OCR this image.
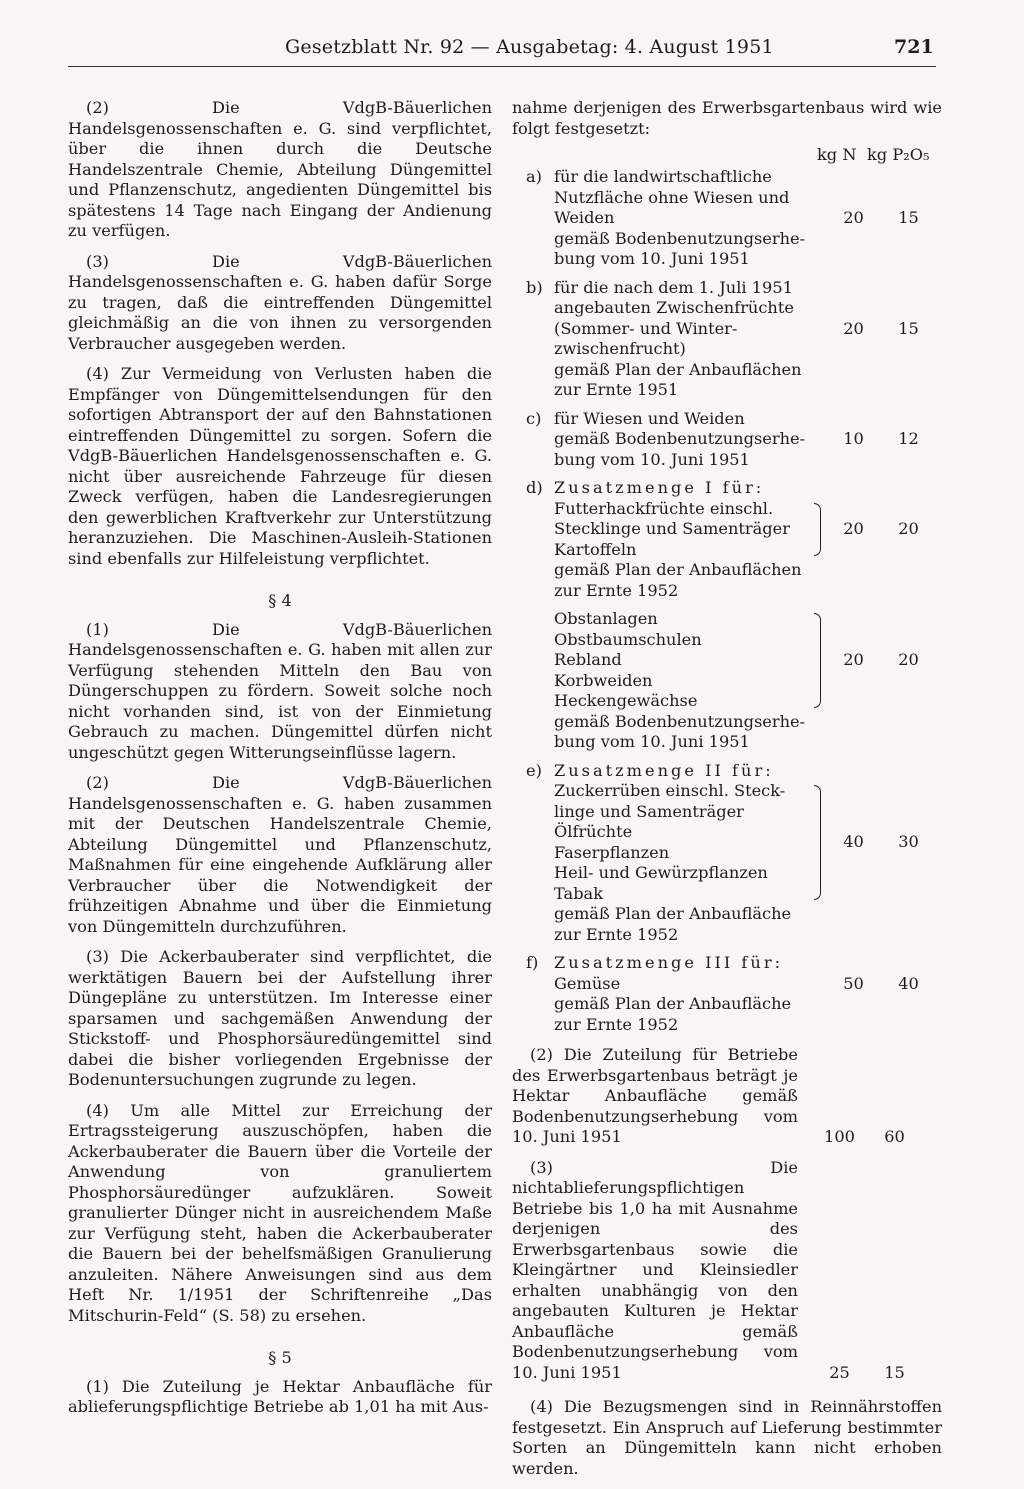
Gesetzblatt Nr. 92 — Ausgabetag: 4. August 1951	721

(2) Die VdgB-Bäuerlichen Handelsgenossenschaften e. G. sind verpflichtet, über die ihnen durch die Deutsche Handelszentrale Chemie, Abteilung Düngemittel und Pflanzenschutz, angedienten Düngemittel bis spätestens 14 Tage nach Eingang der Andienung zu verfügen.

(3) Die VdgB-Bäuerlichen Handelsgenossenschaften e. G. haben dafür Sorge zu tragen, daß die eintreffenden Düngemittel gleichmäßig an die von ihnen zu versorgenden Verbraucher ausgegeben werden.

(4) Zur Vermeidung von Verlusten haben die Empfänger von Düngemittelsendungen für den sofortigen Abtransport der auf den Bahnstationen eintreffenden Düngemittel zu sorgen. Sofern die VdgB-Bäuerlichen Handelsgenossenschaften e. G. nicht über ausreichende Fahrzeuge für diesen Zweck verfügen, haben die Landesregierungen den gewerblichen Kraftverkehr zur Unterstützung heranzuziehen. Die Maschinen-Ausleih-Stationen sind ebenfalls zur Hilfeleistung verpflichtet.

§ 4

(1) Die VdgB-Bäuerlichen Handelsgenossenschaften e. G. haben mit allen zur Verfügung stehenden Mitteln den Bau von Düngerschuppen zu fördern. Soweit solche noch nicht vorhanden sind, ist von der Einmietung Gebrauch zu machen. Düngemittel dürfen nicht ungeschützt gegen Witterungseinflüsse lagern.

(2) Die VdgB-Bäuerlichen Handelsgenossenschaften e. G. haben zusammen mit der Deutschen Handelszentrale Chemie, Abteilung Düngemittel und Pflanzenschutz, Maßnahmen für eine eingehende Aufklärung aller Verbraucher über die Notwendigkeit der frühzeitigen Abnahme und über die Einmietung von Düngemitteln durchzuführen.

(3) Die Ackerbauberater sind verpflichtet, die werktätigen Bauern bei der Aufstellung ihrer Düngepläne zu unterstützen. Im Interesse einer sparsamen und sachgemäßen Anwendung der Stickstoff- und Phosphorsäuredüngemittel sind dabei die bisher vorliegenden Ergebnisse der Bodenuntersuchungen zugrunde zu legen.

(4) Um alle Mittel zur Erreichung der Ertragssteigerung auszuschöpfen, haben die Ackerbauberater die Bauern über die Vorteile der Anwendung von granuliertem Phosphorsäuredünger aufzuklären. Soweit granulierter Dünger nicht in ausreichendem Maße zur Verfügung steht, haben die Ackerbauberater die Bauern bei der behelfsmäßigen Granulierung anzuleiten. Nähere Anweisungen sind aus dem Heft Nr. 1/1951 der Schriftenreihe „Das Mitschurin-Feld“ (S. 58) zu ersehen.

§ 5

(1) Die Zuteilung je Hektar Anbaufläche für ablieferungspflichtige Betriebe ab 1,01 ha mit Aus-

nahme derjenigen des Erwerbsgartenbaus wird wie folgt festgesetzt:

kg N kg P₂O₅
a) für die landwirtschaftliche
Nutzfläche ohne Wiesen und
Weiden
gemäß Bodenbenutzungserhe-
bung vom 10. Juni 1951
20	15
b) für die nach dem 1. Juli 1951
angebauten Zwischenfrüchte
(Sommer- und Winter-
zwischenfrucht)
gemäß Plan der Anbauflächen
zur Ernte 1951
20	15
c) für Wiesen und Weiden
gemäß Bodenbenutzungserhe-
bung vom 10. Juni 1951
10	12
d) Zusatzmenge I für:
Futterhackfrüchte einschl.
Stecklinge und Samenträger
Kartoffeln
gemäß Plan der Anbauflächen
zur Ernte 1952
20	20
Obstanlagen
Obstbaumschulen
Rebland
Korbweiden
Heckengewächse
gemäß Bodenbenutzungserhe-
bung vom 10. Juni 1951
20	20
e) Zusatzmenge II für:
Zuckerrüben einschl. Steck-
linge und Samenträger
Ölfrüchte
Faserpflanzen
Heil- und Gewürzpflanzen
Tabak
gemäß Plan der Anbaufläche
zur Ernte 1952
40	30
f) Zusatzmenge III für:
Gemüse
gemäß Plan der Anbaufläche
zur Ernte 1952
50	40

(2) Die Zuteilung für Betriebe des Erwerbsgartenbaus beträgt je Hektar Anbaufläche gemäß Bodenbenutzungserhebung vom 10. Juni 1951	100	60

(3) Die nichtablieferungspflichtigen Betriebe bis 1,0 ha mit Ausnahme derjenigen des Erwerbsgartenbaus sowie die Kleingärtner und Kleinsiedler erhalten unabhängig von den angebauten Kulturen je Hektar Anbaufläche gemäß Bodenbenutzungserhebung vom 10. Juni 1951	25	15

(4) Die Bezugsmengen sind in Reinnährstoffen festgesetzt. Ein Anspruch auf Lieferung bestimmter Sorten an Düngemitteln kann nicht erhoben werden.
